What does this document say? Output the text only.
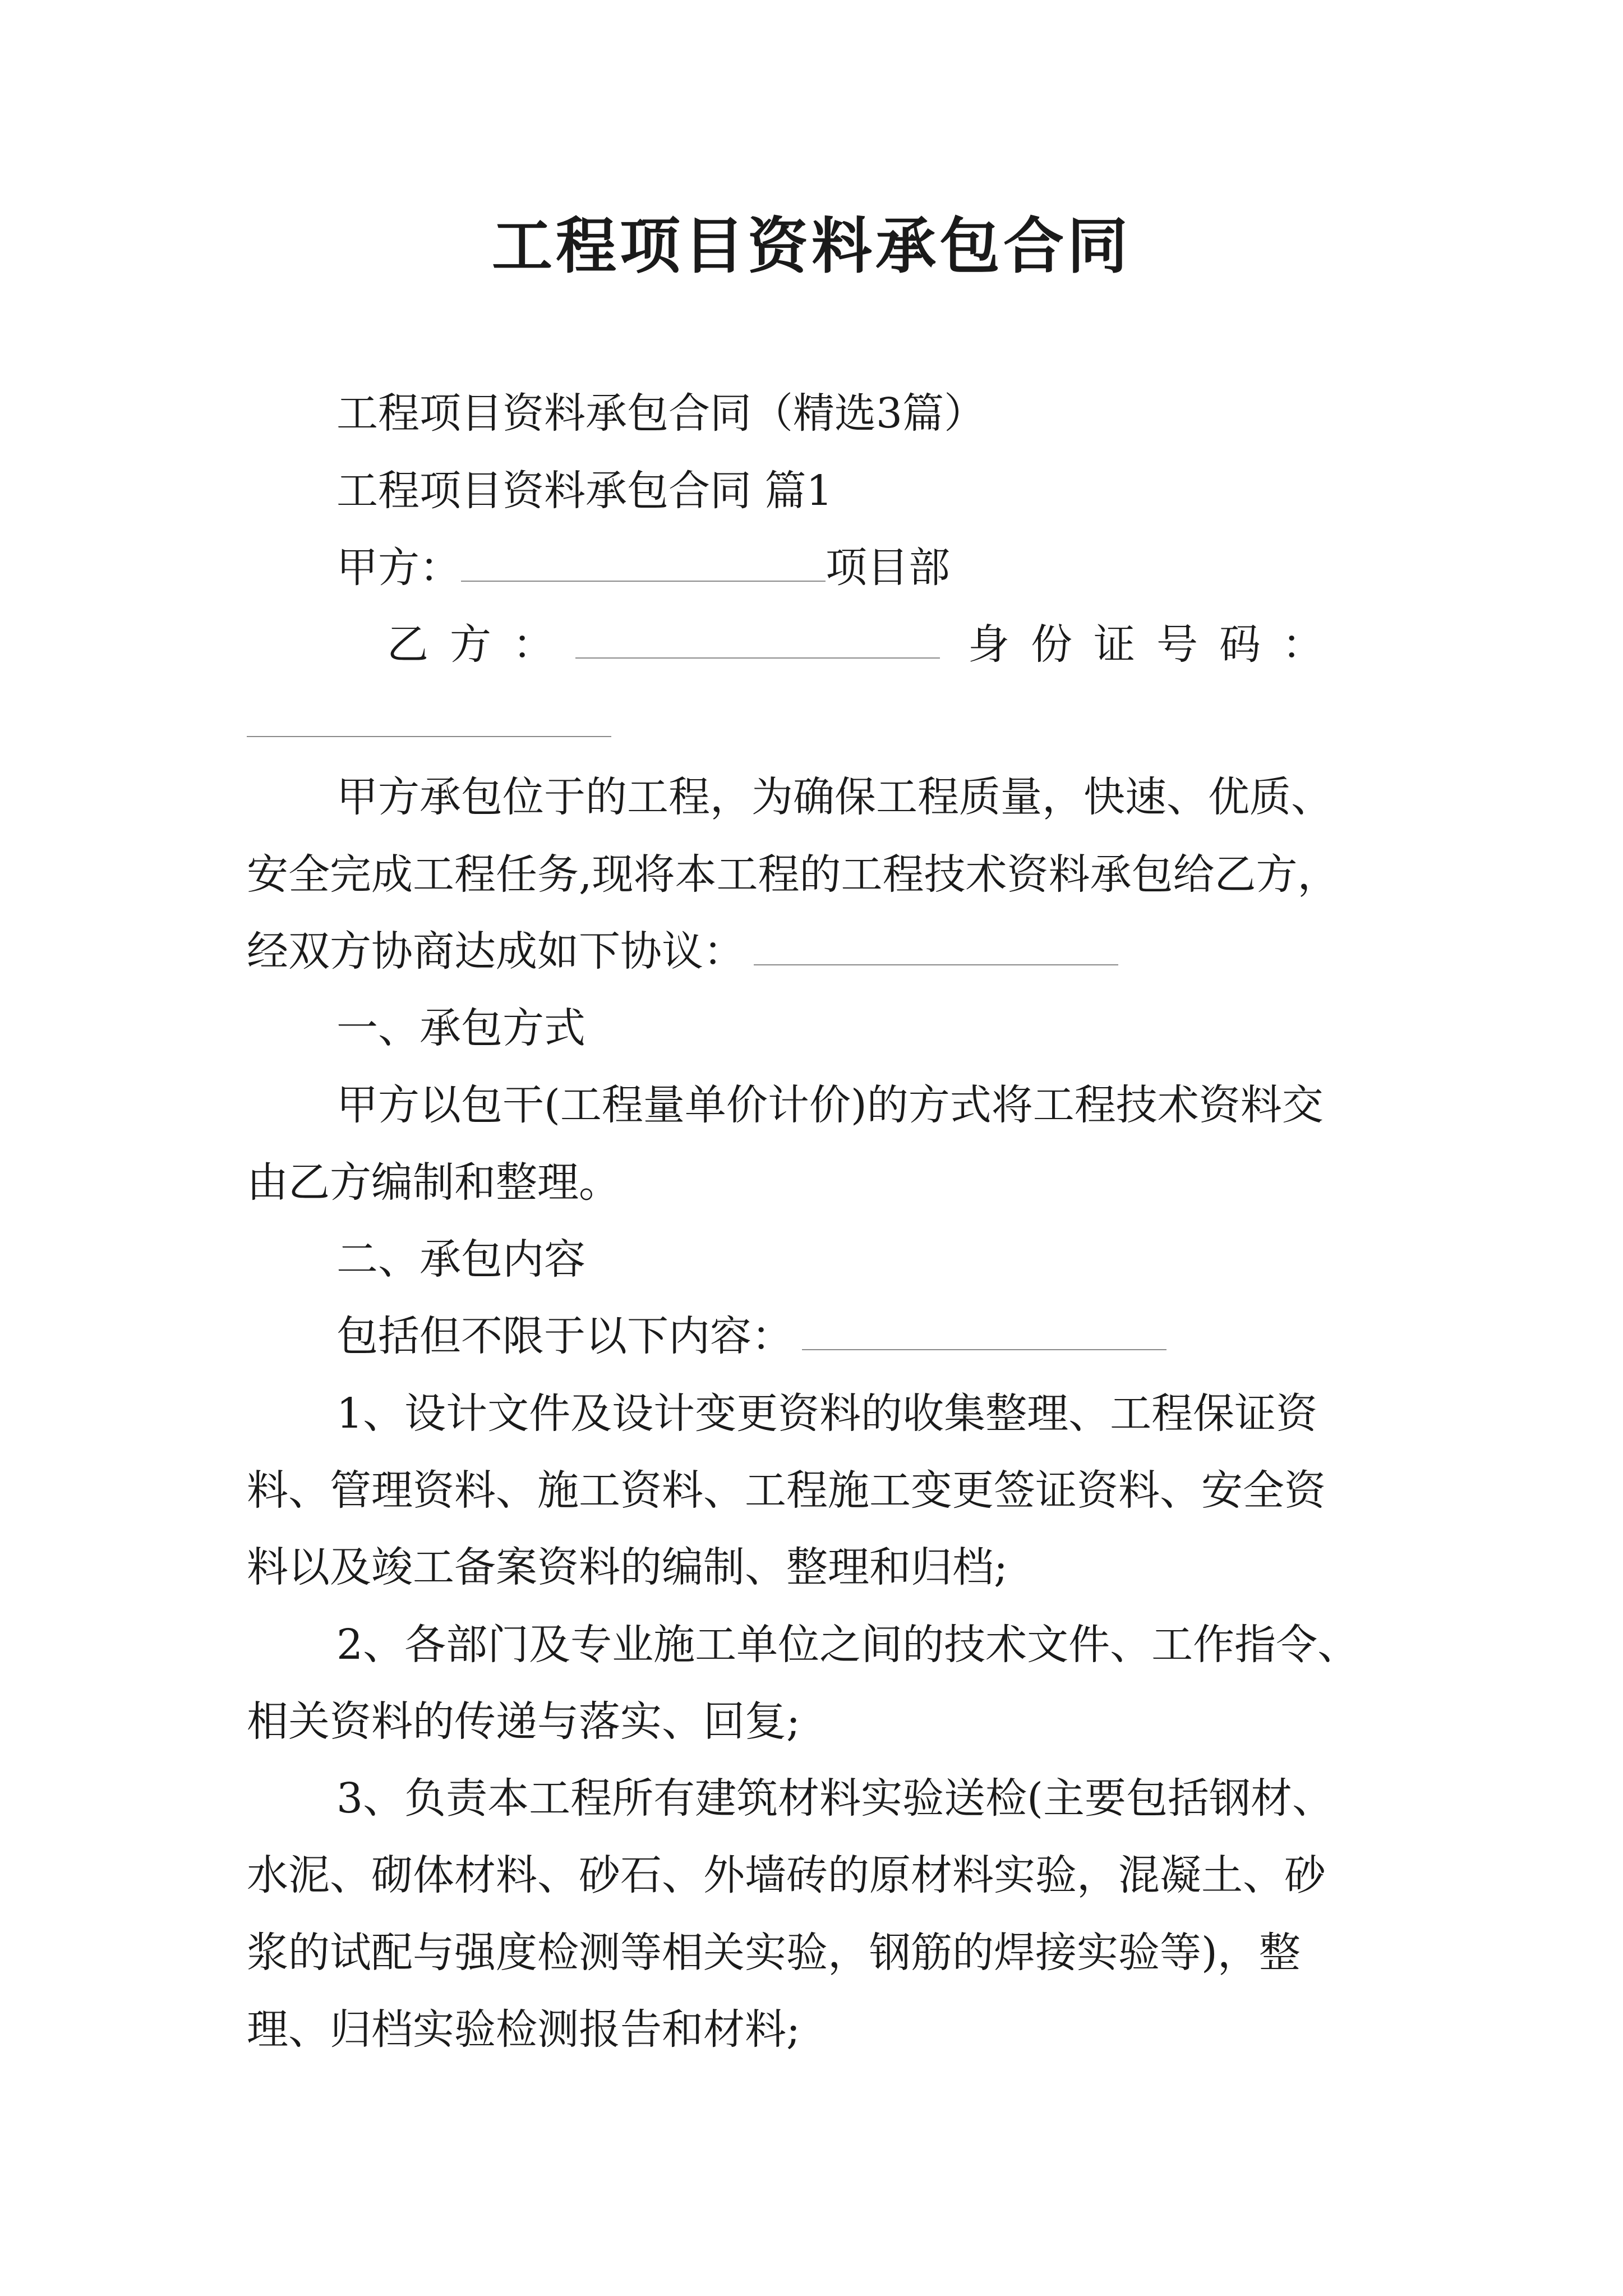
工程项目资料承包合同
工程项目资料承包合同（精选3篇）
工程项目资料承包合同 篇1
甲方：	项目部
乙方：	身份证号码：
甲方承包位于的工程，为确保工程质量，快速、优质、
安全完成工程任务,现将本工程的工程技术资料承包给乙方，
经双方协商达成如下协议：
一、承包方式
甲方以包干(工程量单价计价)的方式将工程技术资料交
由乙方编制和整理。
二、承包内容
包括但不限于以下内容：
1、设计文件及设计变更资料的收集整理、工程保证资
料、管理资料、施工资料、工程施工变更签证资料、安全资
料以及竣工备案资料的编制、整理和归档;
2、各部门及专业施工单位之间的技术文件、工作指令、
相关资料的传递与落实、回复;
3、负责本工程所有建筑材料实验送检(主要包括钢材、
水泥、砌体材料、砂石、外墙砖的原材料实验，混凝土、砂
浆的试配与强度检测等相关实验，钢筋的焊接实验等)，整
理、归档实验检测报告和材料;
